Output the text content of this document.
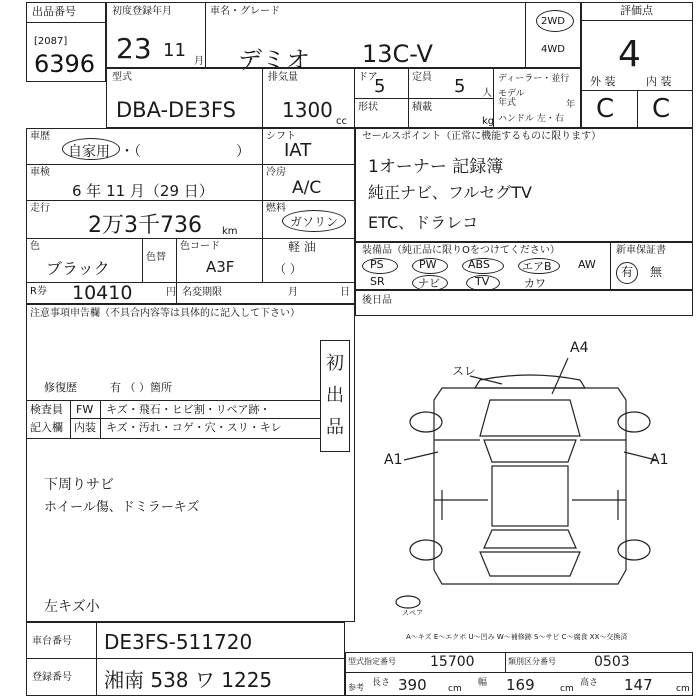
出品番号
[2087]
6396
初度登録年月
23 11
月
車名・グレード
デミオ 13C-V
2WD
4WD
評価点
4
外 装	内 装
C C
型式
DBA-DE3FS
排気量
1300 cc
ドア
5	定員 5 人
形状	積載
kg
ディーラー・並行
モデル年式	年
ハンドル 左・右
車歴
自家用 ・（	）
シフト
IAT
車検
6 年 11 月（29 日）
冷房
A/C
走行
2万3千736 km
燃料
ガソリン
軽 油
（ ）
色
ブラック
色替
色コード
A3F
R券 10410	円 名変期限	月	日
セールスポイント（正常に機能するものに限ります）
1オーナー 記録簿
純正ナビ、フルセグTV
ETC、ドラレコ
装備品（純正品に限りOをつけてください）	新車保証書
PS	PW	ABS	エアB AW
SR	ナビ	TV	カワ
有 無
後日品
注意事項申告欄（不具合内容等は具体的に記入して下さい）
初出品
修復歴	有 （ ）箇所
検査員
記入欄
FW キズ・飛石・ヒビ割・リペア跡・
内装 キズ・汚れ・コゲ・穴・スリ・キレ
下周りサビ
ホイール傷、ドミラーキズ
左キズ小
A4
スレ
A1	A1
スペア
A～キズ E～エクボ U～凹み W～補修跡 S～サビ C～腐食 XX～交換済
車台番号 DE3FS-511720
登録番号 湘南 538 ワ 1225
型式指定番号 15700	類別区分番号	0503
参考 長さ 390 cm
幅 169	cm
高さ 147	cm
